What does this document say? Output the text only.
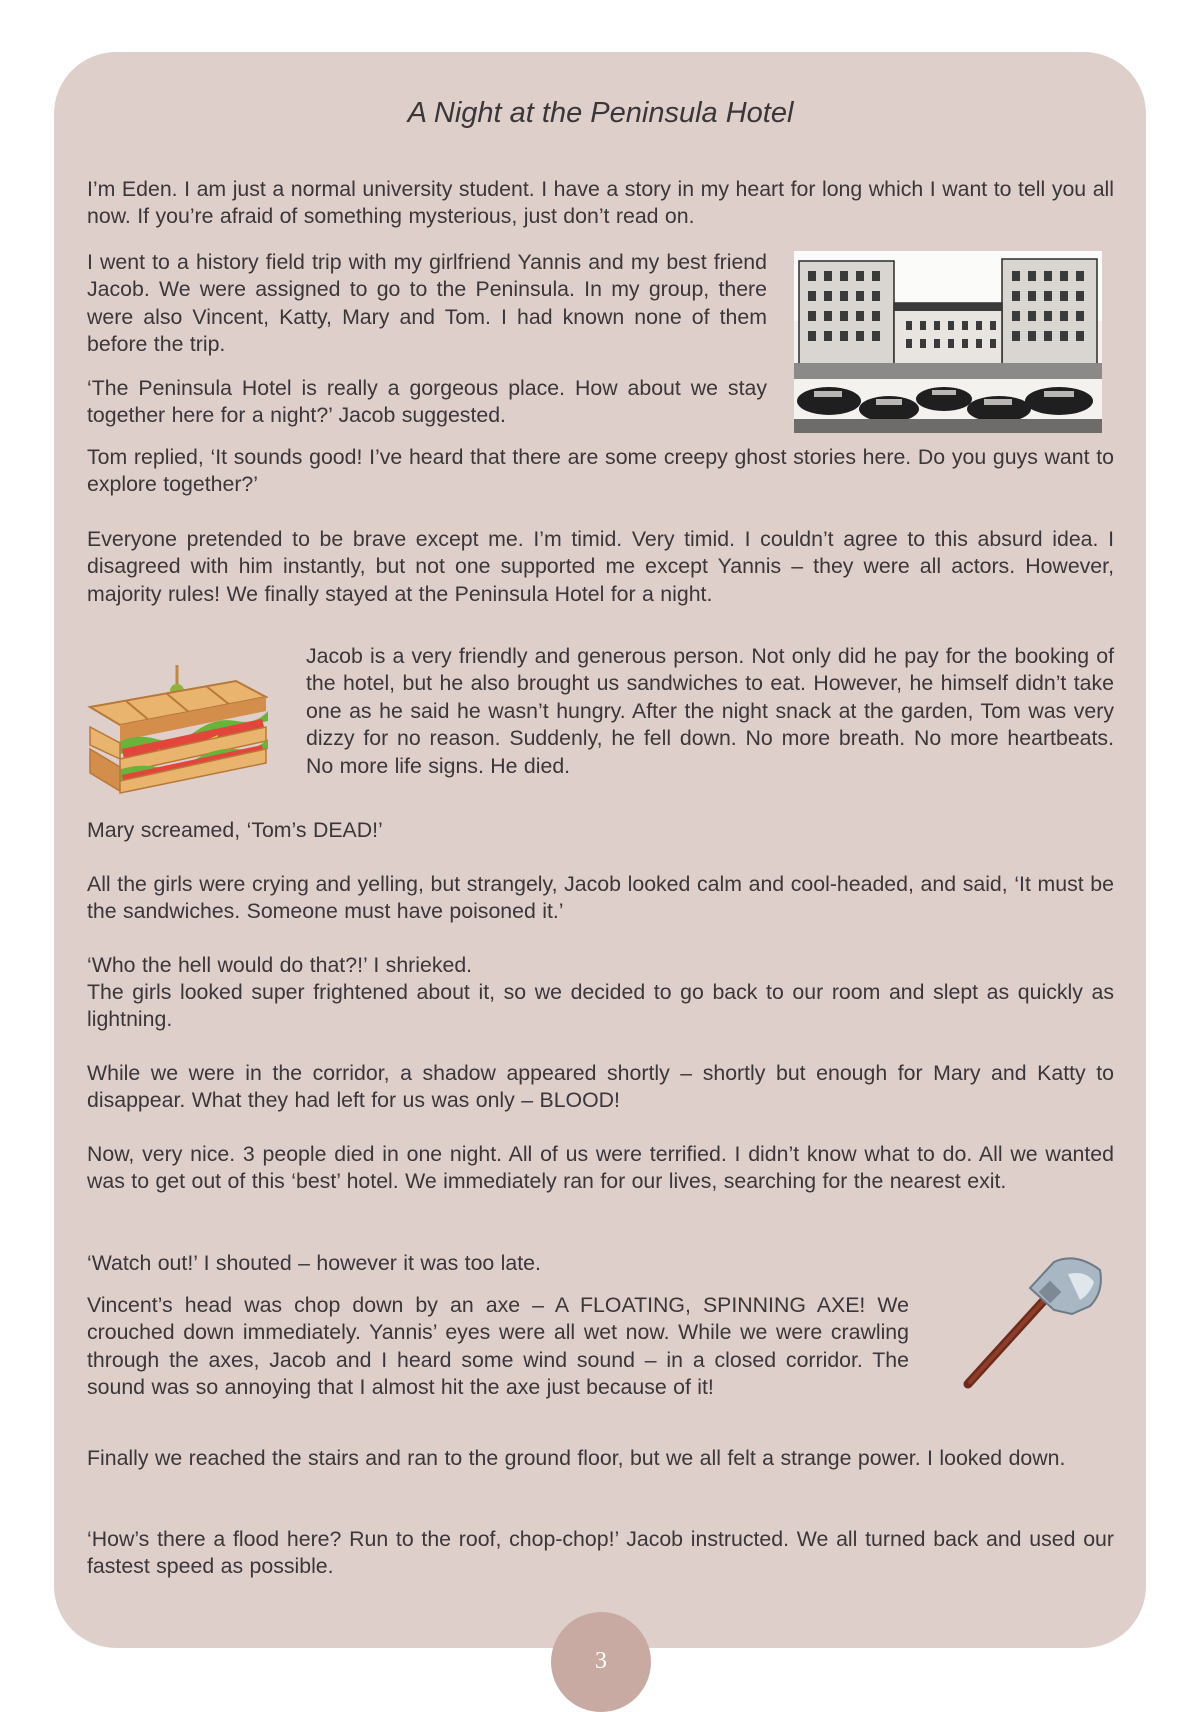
A Night at the Peninsula Hotel

I’m Eden. I am just a normal university student. I have a story in my heart for long which I want to tell you all now. If you’re afraid of something mysterious, just don’t read on.

I went to a history field trip with my girlfriend Yannis and my best friend Jacob. We were assigned to go to the Peninsula. In my group, there were also Vincent, Katty, Mary and Tom. I had known none of them before the trip.

‘The Peninsula Hotel is really a gorgeous place. How about we stay together here for a night?’ Jacob suggested.

Tom replied, ‘It sounds good! I’ve heard that there are some creepy ghost stories here. Do you guys want to explore together?’

Everyone pretended to be brave except me. I’m timid. Very timid. I couldn’t agree to this absurd idea. I disagreed with him instantly, but not one supported me except Yannis – they were all actors. However, majority rules! We finally stayed at the Peninsula Hotel for a night.

Jacob is a very friendly and generous person. Not only did he pay for the booking of the hotel, but he also brought us sandwiches to eat. However, he himself didn’t take one as he said he wasn’t hungry. After the night snack at the garden, Tom was very dizzy for no reason. Suddenly, he fell down. No more breath. No more heartbeats. No more life signs. He died.

Mary screamed, ‘Tom’s DEAD!’

All the girls were crying and yelling, but strangely, Jacob looked calm and cool-headed, and said, ‘It must be the sandwiches. Someone must have poisoned it.’

‘Who the hell would do that?!’ I shrieked.

The girls looked super frightened about it, so we decided to go back to our room and slept as quickly as lightning.

While we were in the corridor, a shadow appeared shortly – shortly but enough for Mary and Katty to disappear. What they had left for us was only – BLOOD!

Now, very nice. 3 people died in one night. All of us were terrified. I didn’t know what to do. All we wanted was to get out of this ‘best’ hotel. We immediately ran for our lives, searching for the nearest exit.

‘Watch out!’ I shouted – however it was too late.

Vincent’s head was chop down by an axe – A FLOATING, SPINNING AXE! We crouched down immediately. Yannis’ eyes were all wet now. While we were crawling through the axes, Jacob and I heard some wind sound – in a closed corridor. The sound was so annoying that I almost hit the axe just because of it!

Finally we reached the stairs and ran to the ground floor, but we all felt a strange power. I looked down.

‘How’s there a flood here? Run to the roof, chop-chop!’ Jacob instructed. We all turned back and used our fastest speed as possible.

3
